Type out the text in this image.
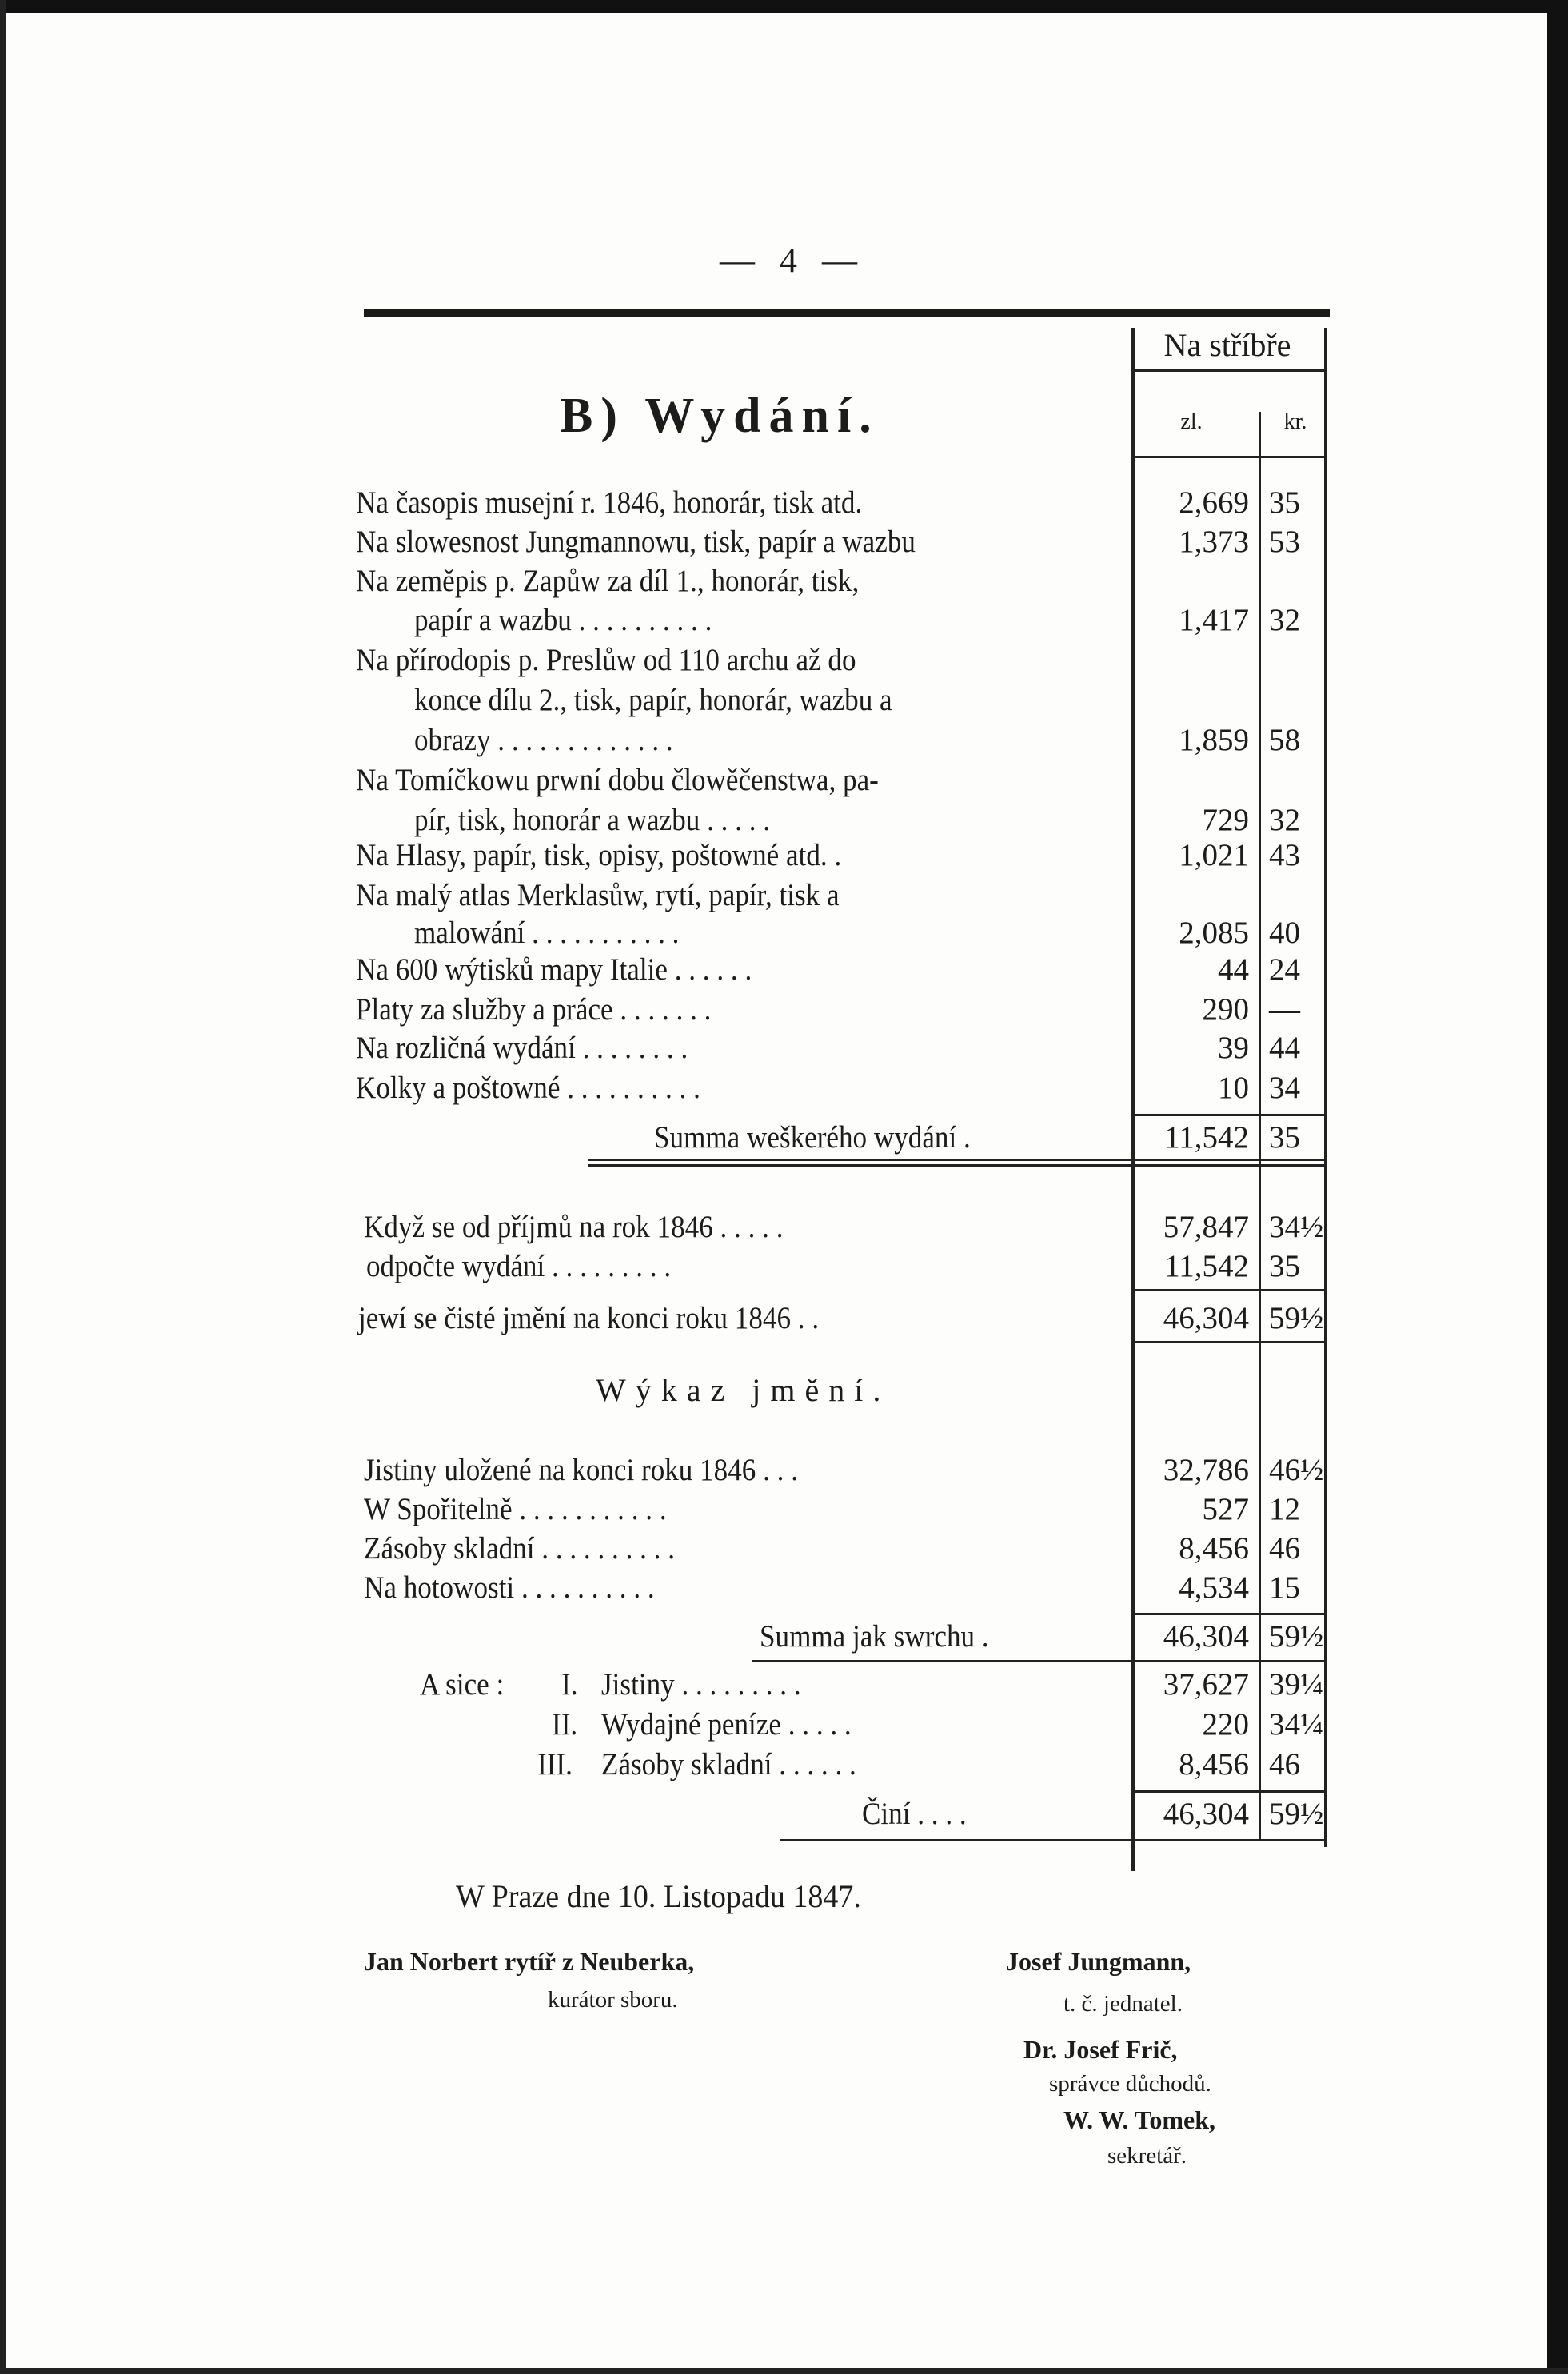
— 4 —
B) Wydání.
Na stříbře
zl.	kr.
Na časopis musejní r. 1846, honorár, tisk atd.	2,669 35
Na slowesnost Jungmannowu, tisk, papír a wazbu	1,373 53
Na zeměpis p. Zapůw za díl 1., honorár, tisk,
papír a wazbu . . . . . . . . . .	1,417 32
Na přírodopis p. Preslůw od 110 archu až do
konce dílu 2., tisk, papír, honorár, wazbu a
obrazy . . . . . . . . . . . . .	1,859 58
Na Tomíčkowu prwní dobu člowěčenstwa, pa-
pír, tisk, honorár a wazbu . . . . .	729 32
Na Hlasy, papír, tisk, opisy, poštowné atd. .	1,021 43
Na malý atlas Merklasůw, rytí, papír, tisk a
malowání . . . . . . . . . . .	2,085 40
Na 600 wýtisků mapy Italie . . . . . .	44 24
Platy za služby a práce . . . . . . .	290 —
Na rozličná wydání . . . . . . . .	39 44
Kolky a poštowné . . . . . . . . . .	10 34
Summa weškerého wydání .	11,542 35
Když se od příjmů na rok 1846 . . . . .	57,847 34½
odpočte wydání . . . . . . . . .	11,542 35
jewí se čisté jmění na konci roku 1846 . .	46,304 59½
Wýkaz jmění.
Jistiny uložené na konci roku 1846 . . .	32,786 46½
W Spořitelně . . . . . . . . . . .	527 12
Zásoby skladní . . . . . . . . . .	8,456 46
Na hotowosti . . . . . . . . . .	4,534 15
Summa jak swrchu .	46,304 59½
A sice : I. Jistiny . . . . . . . . .	37,627 39¼
II. Wydajné peníze . . . . .	220 34¼
III. Zásoby skladní . . . . . .	8,456 46
Činí . . . .	46,304 59½
W Praze dne 10. Listopadu 1847.
Jan Norbert rytíř z Neuberka,
kurátor sboru.
Josef Jungmann,
t. č. jednatel.
Dr. Josef Frič,
správce důchodů.
W. W. Tomek,
sekretář.
